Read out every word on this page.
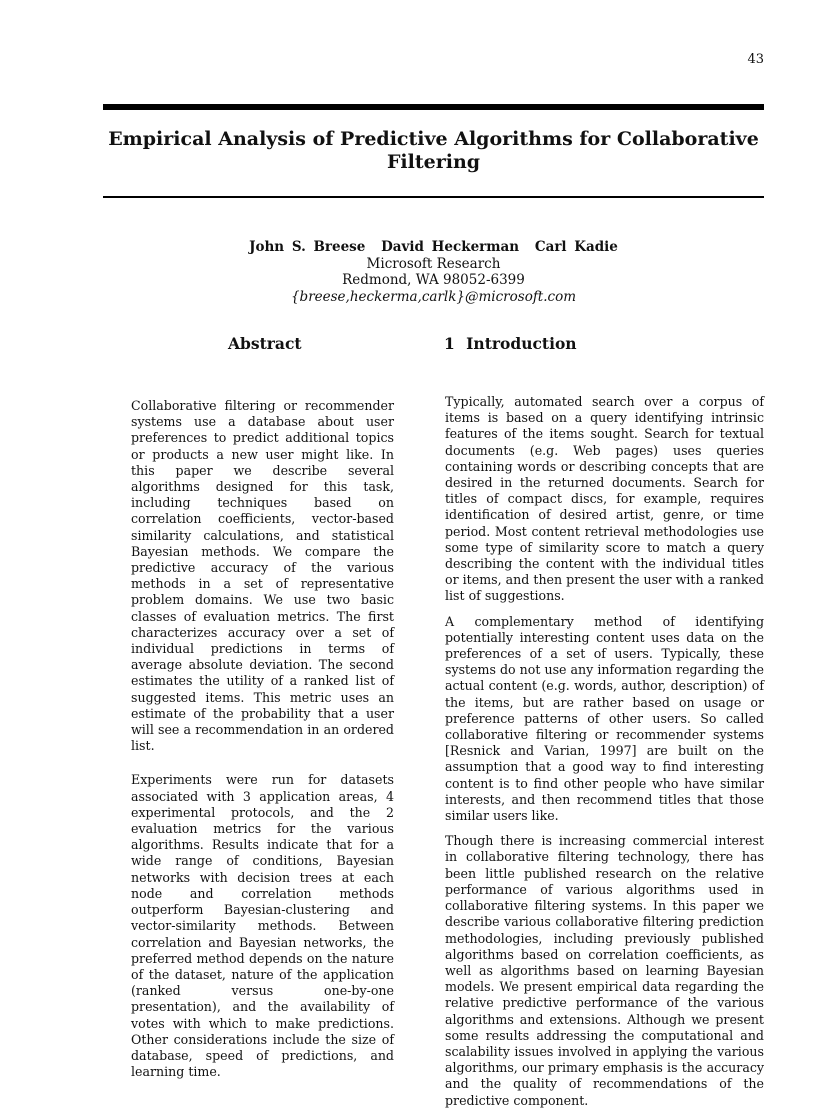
43
Empirical Analysis of Predictive Algorithms for Collaborative Filtering
John S. Breese David Heckerman Carl Kadie
Microsoft Research
Redmond, WA 98052-6399
{breese,heckerma,carlk}@microsoft.com
Abstract	1 Introduction

Collaborative filtering or recommender systems use a database about user preferences to predict additional topics or products a new user might like. In this paper we describe several algorithms designed for this task, including techniques based on correlation coefficients, vector-based similarity calculations, and statistical Bayesian methods. We compare the predictive accuracy of the various methods in a set of representative problem domains. We use two basic classes of evaluation metrics. The first characterizes accuracy over a set of individual predictions in terms of average absolute deviation. The second estimates the utility of a ranked list of suggested items. This metric uses an estimate of the probability that a user will see a recommendation in an ordered list.

Experiments were run for datasets associated with 3 application areas, 4 experimental protocols, and the 2 evaluation metrics for the various algorithms. Results indicate that for a wide range of conditions, Bayesian networks with decision trees at each node and correlation methods outperform Bayesian-clustering and vector-similarity methods. Between correlation and Bayesian networks, the preferred method depends on the nature of the dataset, nature of the application (ranked versus one-by-one presentation), and the availability of votes with which to make predictions. Other considerations include the size of database, speed of predictions, and learning time.

Typically, automated search over a corpus of items is based on a query identifying intrinsic features of the items sought. Search for textual documents (e.g. Web pages) uses queries containing words or describing concepts that are desired in the returned documents. Search for titles of compact discs, for example, requires identification of desired artist, genre, or time period. Most content retrieval methodologies use some type of similarity score to match a query describing the content with the individual titles or items, and then present the user with a ranked list of suggestions.

A complementary method of identifying potentially interesting content uses data on the preferences of a set of users. Typically, these systems do not use any information regarding the actual content (e.g. words, author, description) of the items, but are rather based on usage or preference patterns of other users. So called collaborative filtering or recommender systems [Resnick and Varian, 1997] are built on the assumption that a good way to find interesting content is to find other people who have similar interests, and then recommend titles that those similar users like.

Though there is increasing commercial interest in collaborative filtering technology, there has been little published research on the relative performance of various algorithms used in collaborative filtering systems. In this paper we describe various collaborative filtering prediction methodologies, including previously published algorithms based on correlation coefficients, as well as algorithms based on learning Bayesian models. We present empirical data regarding the relative predictive performance of the various algorithms and extensions. Although we present some results addressing the computational and scalability issues involved in applying the various algorithms, our primary emphasis is the accuracy and the quality of recommendations of the predictive component.
